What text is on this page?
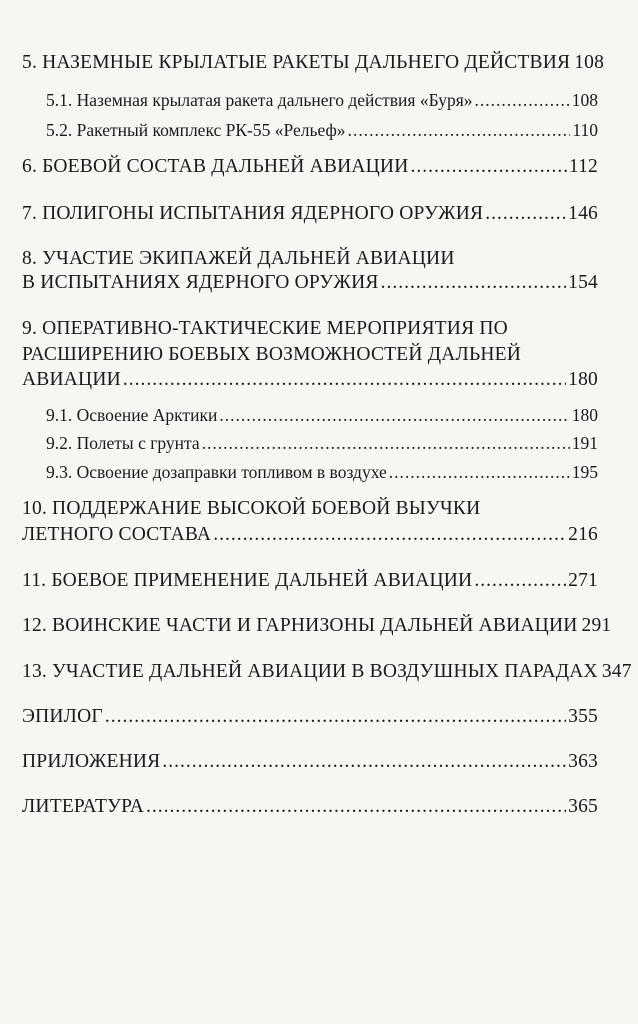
5. НАЗЕМНЫЕ КРЫЛАТЫЕ РАКЕТЫ ДАЛЬНЕГО ДЕЙСТВИЯ 108
5.1. Наземная крылатая ракета дальнего действия «Буря» .....	108
5.2. Ракетный комплекс РК-55 «Рельеф» .....	110
6. БОЕВОЙ СОСТАВ ДАЛЬНЕЙ АВИАЦИИ .....	112
7. ПОЛИГОНЫ ИСПЫТАНИЯ ЯДЕРНОГО ОРУЖИЯ .....	146
8. УЧАСТИЕ ЭКИПАЖЕЙ ДАЛЬНЕЙ АВИАЦИИ
В ИСПЫТАНИЯХ ЯДЕРНОГО ОРУЖИЯ .....	154
9. ОПЕРАТИВНО-ТАКТИЧЕСКИЕ МЕРОПРИЯТИЯ ПО
РАСШИРЕНИЮ БОЕВЫХ ВОЗМОЖНОСТЕЙ ДАЛЬНЕЙ
АВИАЦИИ .....	180
9.1. Освоение Арктики .....	180
9.2. Полеты с грунта .....	191
9.3. Освоение дозаправки топливом в воздухе .....	195
10. ПОДДЕРЖАНИЕ ВЫСОКОЙ БОЕВОЙ ВЫУЧКИ
ЛЕТНОГО СОСТАВА .....	216
11. БОЕВОЕ ПРИМЕНЕНИЕ ДАЛЬНЕЙ АВИАЦИИ .....	271
12. ВОИНСКИЕ ЧАСТИ И ГАРНИЗОНЫ ДАЛЬНЕЙ АВИАЦИИ 291
13. УЧАСТИЕ ДАЛЬНЕЙ АВИАЦИИ В ВОЗДУШНЫХ ПАРАДАХ 347
ЭПИЛОГ .....	355
ПРИЛОЖЕНИЯ .....	363
ЛИТЕРАТУРА .....	365
